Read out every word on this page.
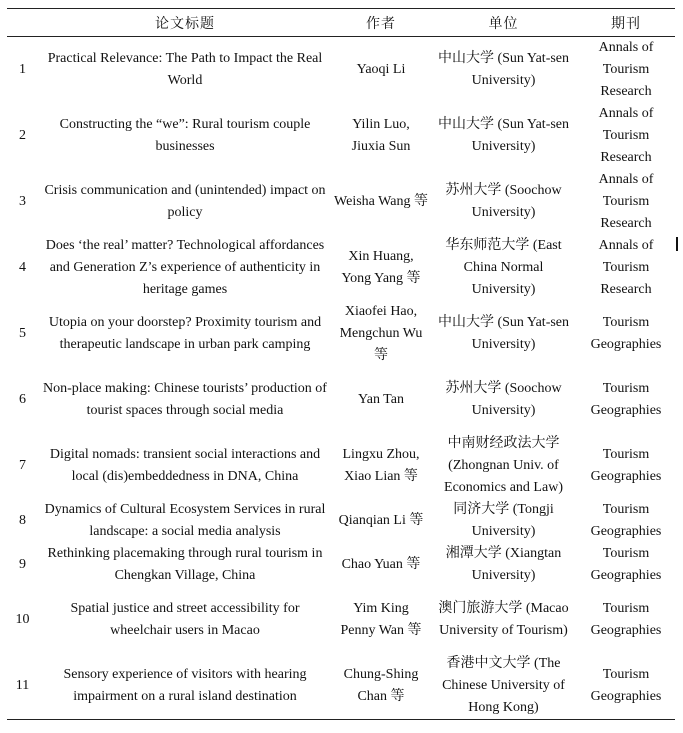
	论文标题	作者	单位	期刊
1	Practical Relevance: The Path to Impact the Real World	Yaoqi Li	中山大学 (Sun Yat-sen University)	Annals of Tourism Research
2	Constructing the “we”: Rural tourism couple businesses	Yilin Luo, Jiuxia Sun	中山大学 (Sun Yat-sen University)	Annals of Tourism Research
3	Crisis communication and (unintended) impact on policy	Weisha Wang 等	苏州大学 (Soochow University)	Annals of Tourism Research
4	Does ‘the real’ matter? Technological affordances and Generation Z’s experience of authenticity in heritage games	Xin Huang, Yong Yang 等	华东师范大学 (East China Normal University)	Annals of Tourism Research
5	Utopia on your doorstep? Proximity tourism and therapeutic landscape in urban park camping	Xiaofei Hao, Mengchun Wu 等	中山大学 (Sun Yat-sen University)	Tourism Geographies
6	Non-place making: Chinese tourists’ production of tourist spaces through social media	Yan Tan	苏州大学 (Soochow University)	Tourism Geographies
7	Digital nomads: transient social interactions and local (dis)embeddedness in DNA, China	Lingxu Zhou, Xiao Lian 等	中南财经政法大学 (Zhongnan Univ. of Economics and Law)	Tourism Geographies
8	Dynamics of Cultural Ecosystem Services in rural landscape: a social media analysis	Qianqian Li 等	同济大学 (Tongji University)	Tourism Geographies
9	Rethinking placemaking through rural tourism in Chengkan Village, China	Chao Yuan 等	湘潭大学 (Xiangtan University)	Tourism Geographies
10	Spatial justice and street accessibility for wheelchair users in Macao	Yim King Penny Wan 等	澳门旅游大学 (Macao University of Tourism)	Tourism Geographies
11	Sensory experience of visitors with hearing impairment on a rural island destination	Chung-Shing Chan 等	香港中文大学 (The Chinese University of Hong Kong)	Tourism Geographies
